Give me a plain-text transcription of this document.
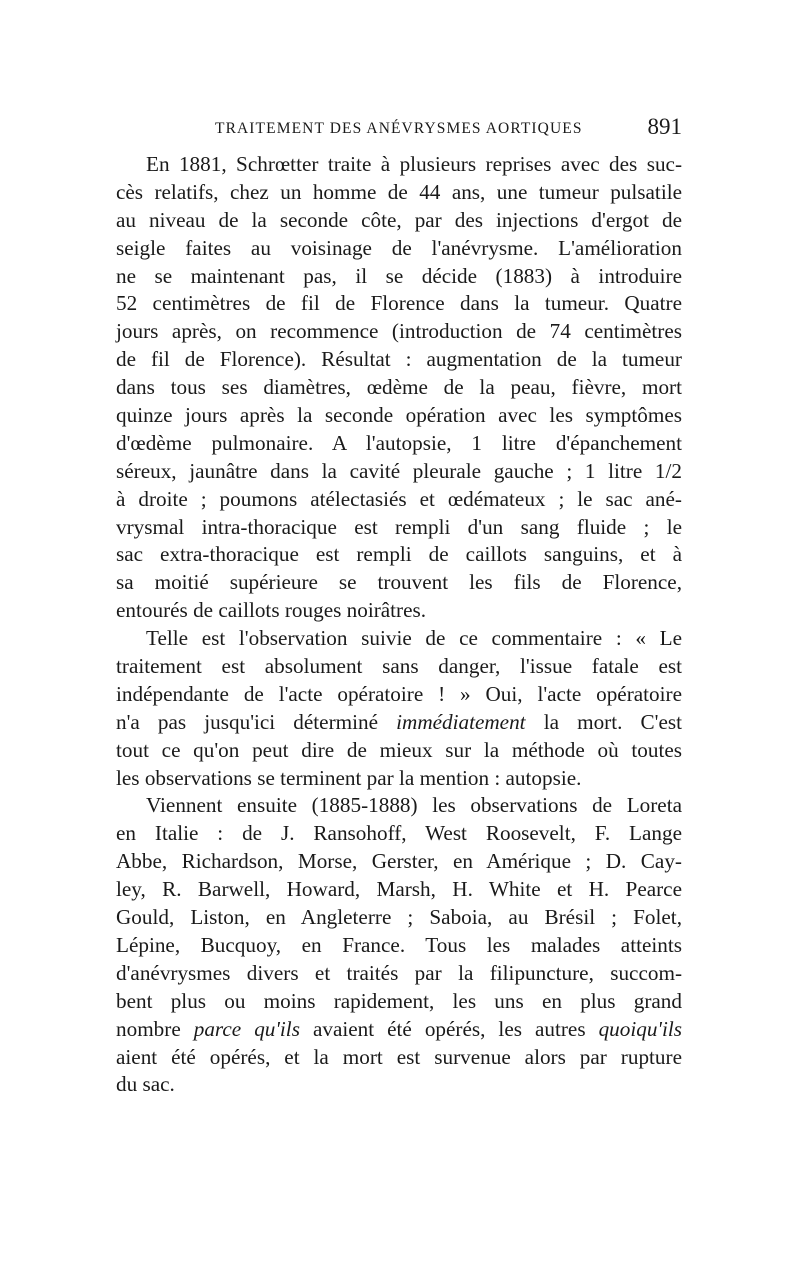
TRAITEMENT DES ANÉVRYSMES AORTIQUES	891
En 1881, Schrœtter traite à plusieurs reprises avec des suc-
cès relatifs, chez un homme de 44 ans, une tumeur pulsatile
au niveau de la seconde côte, par des injections d'ergot de
seigle faites au voisinage de l'anévrysme. L'amélioration
ne se maintenant pas, il se décide (1883) à introduire
52 centimètres de fil de Florence dans la tumeur. Quatre
jours après, on recommence (introduction de 74 centimètres
de fil de Florence). Résultat : augmentation de la tumeur
dans tous ses diamètres, œdème de la peau, fièvre, mort
quinze jours après la seconde opération avec les symptômes
d'œdème pulmonaire. A l'autopsie, 1 litre d'épanchement
séreux, jaunâtre dans la cavité pleurale gauche ; 1 litre 1/2
à droite ; poumons atélectasiés et œdémateux ; le sac ané-
vrysmal intra-thoracique est rempli d'un sang fluide ; le
sac extra-thoracique est rempli de caillots sanguins, et à
sa moitié supérieure se trouvent les fils de Florence,
entourés de caillots rouges noirâtres.
Telle est l'observation suivie de ce commentaire : « Le
traitement est absolument sans danger, l'issue fatale est
indépendante de l'acte opératoire ! » Oui, l'acte opératoire
n'a pas jusqu'ici déterminé immédiatement la mort. C'est
tout ce qu'on peut dire de mieux sur la méthode où toutes
les observations se terminent par la mention : autopsie.
Viennent ensuite (1885-1888) les observations de Loreta
en Italie : de J. Ransohoff, West Roosevelt, F. Lange
Abbe, Richardson, Morse, Gerster, en Amérique ; D. Cay-
ley, R. Barwell, Howard, Marsh, H. White et H. Pearce
Gould, Liston, en Angleterre ; Saboia, au Brésil ; Folet,
Lépine, Bucquoy, en France. Tous les malades atteints
d'anévrysmes divers et traités par la filipuncture, succom-
bent plus ou moins rapidement, les uns en plus grand
nombre parce qu'ils avaient été opérés, les autres quoiqu'ils
aient été opérés, et la mort est survenue alors par rupture
du sac.
